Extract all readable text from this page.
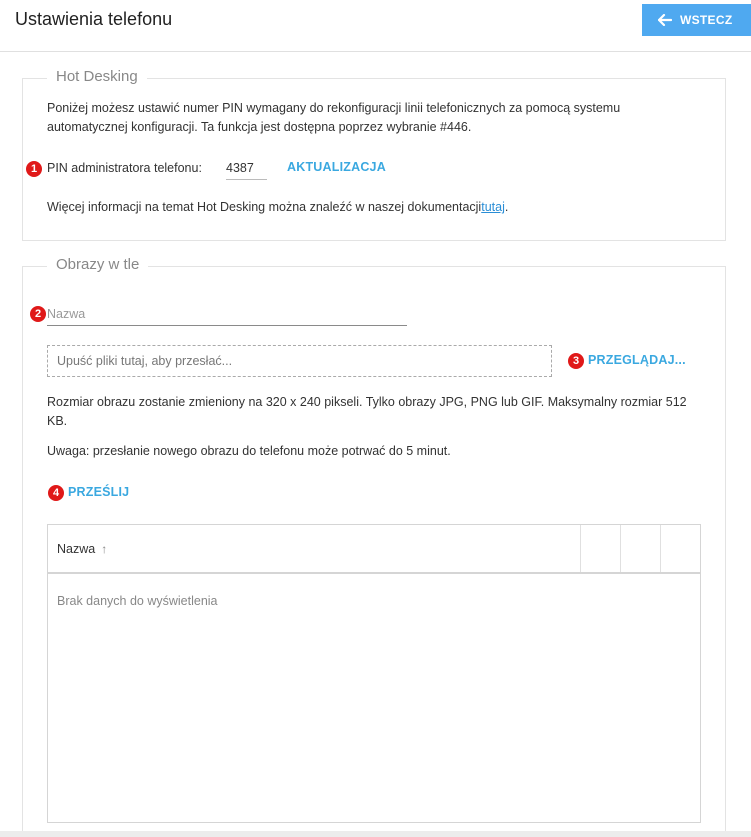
Ustawienia telefonu	WSTECZ
Hot Desking
Poniżej możesz ustawić numer PIN wymagany do rekonfiguracji linii telefonicznych za pomocą systemu automatycznej konfiguracji. Ta funkcja jest dostępna poprzez wybranie #446.
1 PIN administratora telefonu:
4387	AKTUALIZACJA
Więcej informacji na temat Hot Desking można znaleźć w naszej dokumentacjitutaj.
Obrazy w tle
2
Nazwa
Upuść pliki tutaj, aby przesłać...	3 PRZEGLĄDAJ...
Rozmiar obrazu zostanie zmieniony na 320 x 240 pikseli. Tylko obrazy JPG, PNG lub GIF. Maksymalny rozmiar 512 KB.
Uwaga: przesłanie nowego obrazu do telefonu może potrwać do 5 minut.
4 PRZEŚLIJ
Nazwa ↑
Brak danych do wyświetlenia
